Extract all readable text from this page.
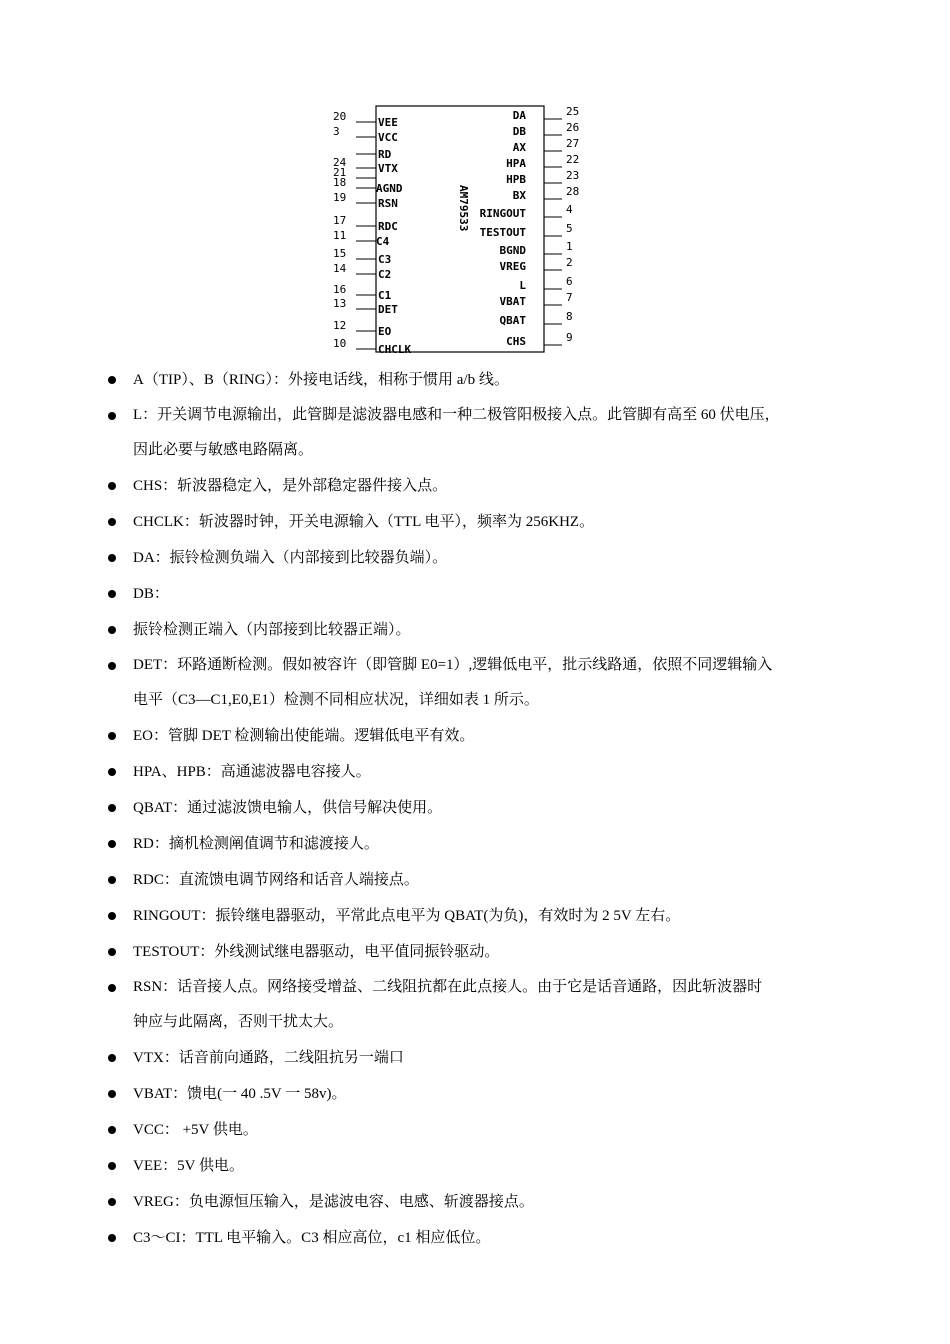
AM79533
20	VEE
3	VCC
RD
24	VTX
21
18	AGND
19	RSN
17	RDC
11	C4
15	C3
14	C2
16	C1
13	DET
12	EO
10	CHCLK
25
DA
26
DB
27
AX
22
HPA
23
HPB
28
BX
4
RINGOUT
5
TESTOUT
1
BGND
2
VREG
6
L
7
VBAT
8
QBAT
9
CHS
A（TIP）、B（RING）：外接电话线，相称于惯用 a/b 线。
L：开关调节电源输出，此管脚是滤波器电感和一种二极管阳极接入点。此管脚有高至 60 伏电压，
因此必要与敏感电路隔离。
CHS：斩波器稳定入，是外部稳定器件接入点。
CHCLK：斩波器时钟，开关电源输入（TTL 电平），频率为 256KHZ。
DA：振铃检测负端入（内部接到比较器负端）。
DB：
振铃检测正端入（内部接到比较器正端）。
DET：环路通断检测。假如被容许（即管脚 E0=1）,逻辑低电平，批示线路通，依照不同逻辑输入
电平（C3—C1,E0,E1）检测不同相应状况，详细如表 1 所示。
EO：管脚 DET 检测输出使能端。逻辑低电平有效。
HPA、HPB：高通滤波器电容接人。
QBAT：通过滤波馈电输人，供信号解决使用。
RD：摘机检测阐值调节和滤渡接人。
RDC：直流馈电调节网络和话音人端接点。
RINGOUT：振铃继电器驱动，平常此点电平为 QBAT(为负)，有效时为 2 5V 左右。
TESTOUT：外线测试继电器驱动，电平值同振铃驱动。
RSN：话音接人点。网络接受增益、二线阻抗都在此点接人。由于它是话音通路，因此斩波器时
钟应与此隔离，否则干扰太大。
VTX：话音前向通路，二线阻抗另一端口
VBAT：馈电(一 40 .5V 一 58v)。
VCC： +5V 供电。
VEE：5V 供电。
VREG：负电源恒压输入，是滤波电容、电感、斩渡器接点。
C3～CI：TTL 电平输入。C3 相应高位，c1 相应低位。
